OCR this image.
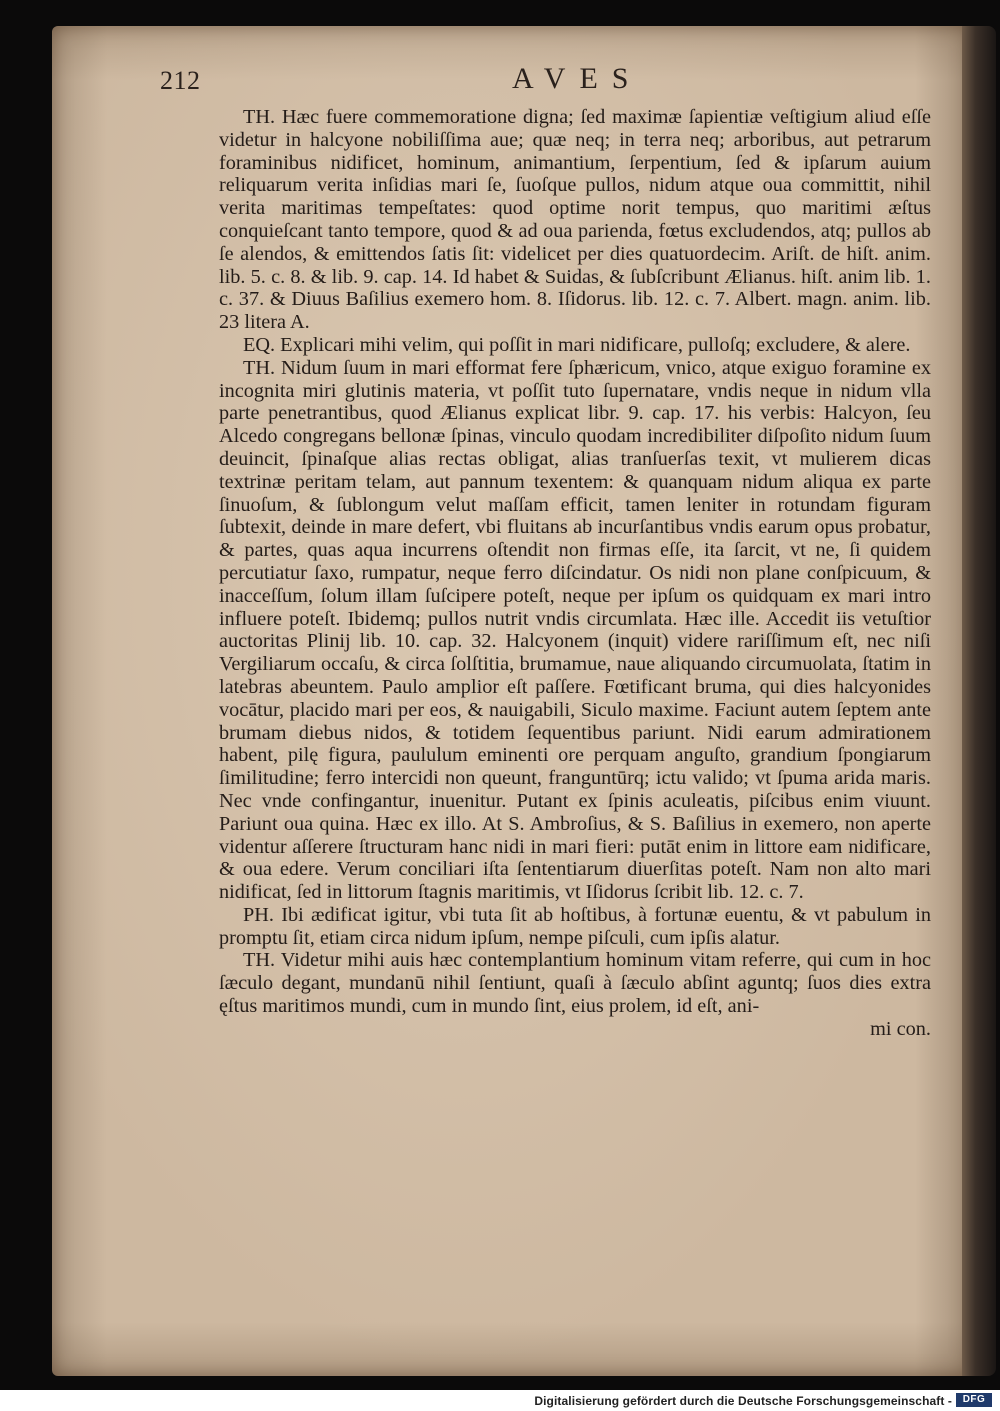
212	AVES

TH. Hæc fuere commemoratione digna; ſed maximæ ſapientiæ veſtigium aliud eſſe videtur in halcyone nobiliſſima aue; quæ neq; in terra neq; arboribus, aut petrarum foraminibus nidificet, hominum, animantium, ſerpentium, ſed & ipſarum auium reliquarum verita inſidias mari ſe, ſuoſque pullos, nidum atque oua committit, nihil verita maritimas tempeſtates: quod optime norit tempus, quo maritimi æſtus conquieſcant tanto tempore, quod & ad oua parienda, fœtus excludendos, atq; pullos ab ſe alendos, & emittendos ſatis ſit: videlicet per dies quatuordecim. Ariſt. de hiſt. anim. lib. 5. c. 8. & lib. 9. cap. 14. Id habet & Suidas, & ſubſcribunt Ælianus. hiſt. anim lib. 1. c. 37. & Diuus Baſilius exemero hom. 8. Iſidorus. lib. 12. c. 7. Albert. magn. anim. lib. 23 litera A.

EQ. Explicari mihi velim, qui poſſit in mari nidificare, pulloſq; excludere, & alere.

TH. Nidum ſuum in mari efformat fere ſphæricum, vnico, atque exiguo foramine ex incognita miri glutinis materia, vt poſſit tuto ſupernatare, vndis neque in nidum vlla parte penetrantibus, quod Ælianus explicat libr. 9. cap. 17. his verbis: Halcyon, ſeu Alcedo congregans bellonæ ſpinas, vinculo quodam incredibiliter diſpoſito nidum ſuum deuincit, ſpinaſque alias rectas obligat, alias tranſuerſas texit, vt mulierem dicas textrinæ peritam telam, aut pannum texentem: & quanquam nidum aliqua ex parte ſinuoſum, & ſublongum velut maſſam efficit, tamen leniter in rotundam figuram ſubtexit, deinde in mare defert, vbi fluitans ab incurſantibus vndis earum opus probatur, & partes, quas aqua incurrens oſtendit non firmas eſſe, ita ſarcit, vt ne, ſi quidem percutiatur ſaxo, rumpatur, neque ferro diſcindatur. Os nidi non plane conſpicuum, & inacceſſum, ſolum illam ſuſcipere poteſt, neque per ipſum os quidquam ex mari intro influere poteſt. Ibidemq; pullos nutrit vndis circumlata. Hæc ille. Accedit iis vetuſtior auctoritas Plinij lib. 10. cap. 32. Halcyonem (inquit) videre rariſſimum eſt, nec niſi Vergiliarum occaſu, & circa ſolſtitia, brumamue, naue aliquando circumuolata, ſtatim in latebras abeuntem. Paulo amplior eſt paſſere. Fœtificant bruma, qui dies halcyonides vocātur, placido mari per eos, & nauigabili, Siculo maxime. Faciunt autem ſeptem ante brumam diebus nidos, & totidem ſequentibus pariunt. Nidi earum admirationem habent, pilę figura, paululum eminenti ore perquam anguſto, grandium ſpongiarum ſimilitudine; ferro intercidi non queunt, franguntūrq; ictu valido; vt ſpuma arida maris. Nec vnde confingantur, inuenitur. Putant ex ſpinis aculeatis, piſcibus enim viuunt. Pariunt oua quina. Hæc ex illo. At S. Ambroſius, & S. Baſilius in exemero, non aperte videntur aſſerere ſtructuram hanc nidi in mari fieri: putāt enim in littore eam nidificare, & oua edere. Verum conciliari iſta ſententiarum diuerſitas poteſt. Nam non alto mari nidificat, ſed in littorum ſtagnis maritimis, vt Iſidorus ſcribit lib. 12. c. 7.

PH. Ibi ædificat igitur, vbi tuta ſit ab hoſtibus, à fortunæ euentu, & vt pabulum in promptu ſit, etiam circa nidum ipſum, nempe piſculi, cum ipſis alatur.

TH. Videtur mihi auis hæc contemplantium hominum vitam referre, qui cum in hoc ſæculo degant, mundanū nihil ſentiunt, quaſi à ſæculo abſint aguntq; ſuos dies extra ęſtus maritimos mundi, cum in mundo ſint, eius prolem, id eſt, ani-

mi con.

Digitalisierung gefördert durch die Deutsche Forschungsgemeinschaft -	DFG
